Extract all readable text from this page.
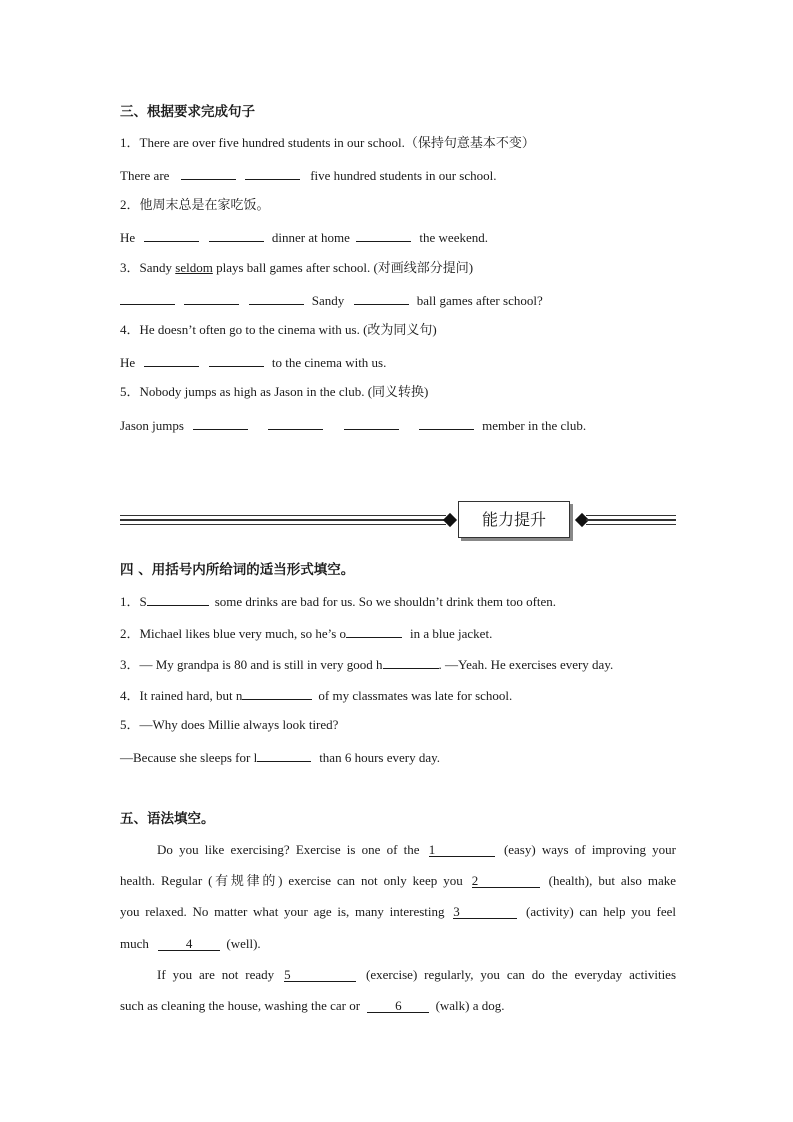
三、根据要求完成句子
1．There are over five hundred students in our school.（保持句意基本不变）
There are	five hundred students in our school.
2．他周末总是在家吃饭。
He	dinner at home	the weekend.
3．Sandy seldom plays ball games after school. (对画线部分提问)
Sandy	ball games after school?
4．He doesn’t often go to the cinema with us. (改为同义句)
He	to the cinema with us.
5．Nobody jumps as high as Jason in the club. (同义转换)
Jason jumps	member in the club.
能力提升
四 、用括号内所给词的适当形式填空。
1．S	some drinks are bad for us. So we shouldn’t drink them too often.
2．Michael likes blue very much, so he’s o	in a blue jacket.
3．— My grandpa is 80 and is still in very good h	. —Yeah. He exercises every day.
4．It rained hard, but n	of my classmates was late for school.
5．—Why does Millie always look tired?
—Because she sleeps for l	than 6 hours every day.
五、语法填空。
Do you like exercising? Exercise is one of the 1	(easy) ways of improving your
health. Regular (有规律的) exercise can not only keep you 2	(health), but also make
you relaxed. No matter what your age is, many interesting 3	(activity) can help you feel
much	4	(well).
If you are not ready 5	(exercise) regularly, you can do the everyday activities
such as cleaning the house, washing the car or	6	(walk) a dog.
